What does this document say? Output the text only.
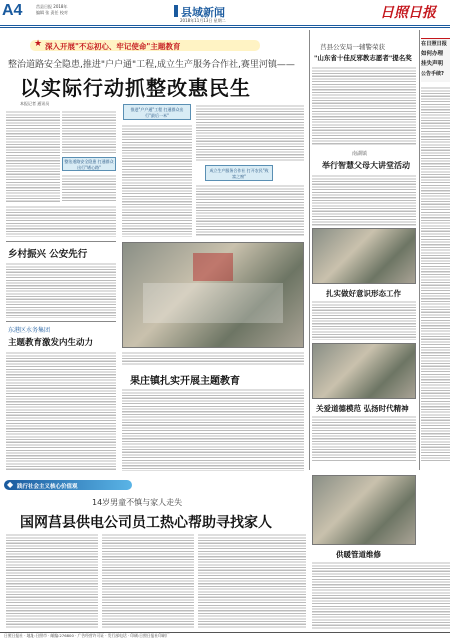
A4	莒县日报 2018年
编辑 张 责任 校对	县域新闻
2018年11月13日 星期二	日照日报
★ 深入开展"不忘初心、牢记使命"主题教育
整治道路安全隐患,推进"户户通"工程,成立生产服务合作社,赛里河镇——
以实际行动抓整改惠民生
本报记者 通讯员
整治道路安全隐患 打通群众出行"堵心路"
推进"户户通"工程 打通群众出行"最后一米"
成立生产服务合作社 打开农民"致富之窗"
乡村振兴 公安先行
东港区水务集团
主题教育激发内生动力
果庄镇扎实开展主题教育
莒县公安局一辅警荣获
"山东省十佳反邪教志愿者"提名奖
南湖镇
举行智慧父母大讲堂活动
扎实做好意识形态工作
关爱道德模范 弘扬时代精神
在日照日报
如何办理
挂失声明
公告手续?
◆ 践行社会主义核心价值观
14岁男童不慎与家人走失
国网莒县供电公司员工热心帮助寻找家人
供暖管道维修
日照日报社 · 地址:日照市 · 邮编:276800 · 广告经营许可证 · 发行部电话 · 印刷:日照日报社印刷厂
